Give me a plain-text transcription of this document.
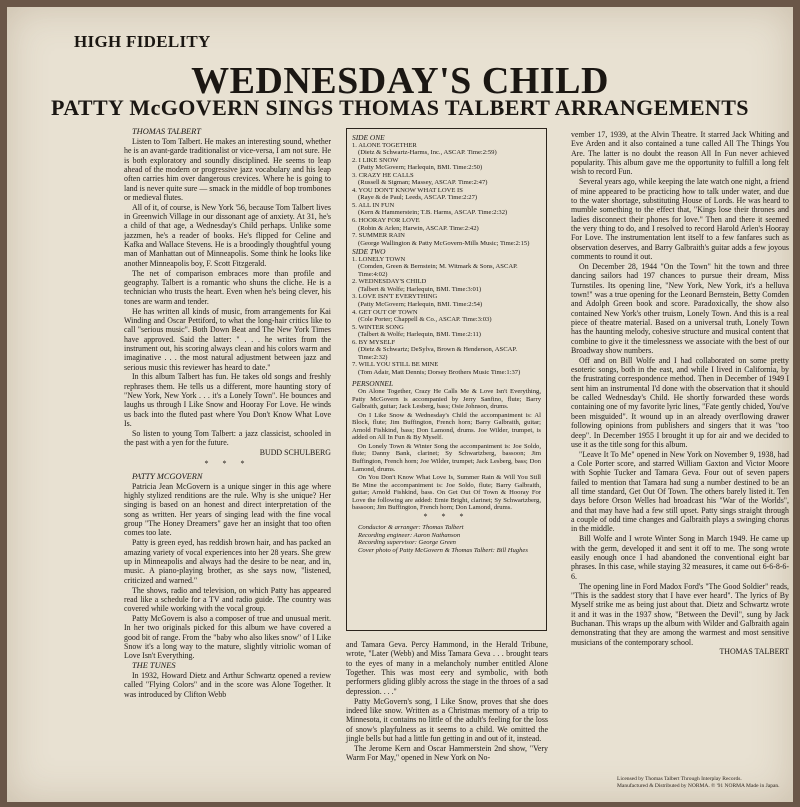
HIGH FIDELITY
WEDNESDAY'S CHILD
PATTY McGOVERN SINGS THOMAS TALBERT ARRANGEMENTS

THOMAS TALBERT

Listen to Tom Talbert. He makes an interesting sound, whether he is an avant-garde traditionalist or vice-versa, I am not sure. He is both exploratory and soundly disciplined. He seems to leap ahead of the modern or progressive jazz vocabulary and his leap often carries him over dangerous crevices. Where he is going to land is never quite sure — smack in the middle of bop trombones or medieval flutes.

All of it, of course, is New York '56, because Tom Talbert lives in Greenwich Village in our dissonant age of anxiety. At 31, he's a child of that age, a Wednesday's Child perhaps. Unlike some jazzmen, he's a reader of books. He's flipped for Celine and Kafka and Wallace Stevens. He is a broodingly thoughtful young man of Manhattan out of Minneapolis. Some think he looks like another Minneapolis boy, F. Scott Fitzgerald.

The net of comparison embraces more than profile and geography. Talbert is a romantic who shuns the cliche. He is a technician who trusts the heart. Even when he's being clever, his tones are warm and tender.

He has written all kinds of music, from arrangements for Kai Winding and Oscar Pettiford, to what the long-hair critics like to call "serious music". Both Down Beat and The New York Times have approved. Said the latter: " . . . he writes from the instrument out, his scoring always clean and his colors warm and imaginative . . . the most natural adjustment between jazz and serious music this reviewer has heard to date."

In this album Talbert has fun. He takes old songs and freshly rephrases them. He tells us a different, more haunting story of "New York, New York . . . it's a Lonely Town". He bounces and laughs us through I Like Snow and Hooray For Love. He winds us back into the fluted past where You Don't Know What Love Is.

So listen to young Tom Talbert: a jazz classicist, schooled in the past with a yen for the future.

BUDD SCHULBERG

* * *

PATTY MCGOVERN

Patricia Jean McGovern is a unique singer in this age where highly stylized renditions are the rule. Why is she unique? Her singing is based on an honest and direct interpretation of the song as written. Her years of singing lead with the fine vocal group "The Honey Dreamers" gave her an insight that too often comes too late.

Patty is green eyed, has reddish brown hair, and has packed an amazing variety of vocal experiences into her 28 years. She grew up in Minneapolis and always had the desire to be near, and in, music. A piano-playing brother, as she says now, "listened, criticized and warned."

The shows, radio and television, on which Patty has appeared read like a schedule for a TV and radio guide. The country was covered while working with the vocal group.

Patty McGovern is also a composer of true and unusual merit. In her two originals picked for this album we have covered a good bit of range. From the "baby who also likes snow" of I Like Snow it's a long way to the mature, slightly vitriolic woman of Love Isn't Everything.

THE TUNES

In 1932, Howard Dietz and Arthur Schwartz opened a review called "Flying Colors" and in the score was Alone Together. It was introduced by Clifton Webb

SIDE ONE
1. ALONE TOGETHER
(Dietz & Schwartz-Harms, Inc., ASCAP. Time:2:59)
2. I LIKE SNOW
(Patty McGovern; Harlequin, BMI. Time:2:50)
3. CRAZY HE CALLS
(Russell & Sigman; Massey, ASCAP. Time:2:47)
4. YOU DON'T KNOW WHAT LOVE IS
(Raye & de Paul; Leeds, ASCAP. Time:2:27)
5. ALL IN FUN
(Kern & Hammerstein; T.B. Harms, ASCAP. Time:2:32)
6. HOORAY FOR LOVE
(Robin & Arlen; Harwin, ASCAP. Time:2:42)
7. SUMMER RAIN
(George Wallington & Patty McGovern-Mills Music; Time:2:15)
SIDE TWO
1. LONELY TOWN
(Comden, Green & Bernstein; M. Witmark & Sons, ASCAP. Time:4:02)
2. WEDNESDAY'S CHILD
(Talbert & Wolfe; Harlequin, BMI. Time:3:01)
3. LOVE ISN'T EVERYTHING
(Patty McGovern; Harlequin, BMI. Time:2:54)
4. GET OUT OF TOWN
(Cole Porter; Chappell & Co., ASCAP. Time:3:03)
5. WINTER SONG
(Talbert & Wolfe; Harlequin, BMI. Time:2:11)
6. BY MYSELF
(Dietz & Schwartz; DeSylva, Brown & Henderson, ASCAP. Time:2:32)
7. WILL YOU STILL BE MINE
(Tom Adair, Matt Dennis; Dorsey Brothers Music Time:1:37)
PERSONNEL

On Alone Together, Crazy He Calls Me & Love Isn't Everything, Patty McGovern is accompanied by Jerry Sanfino, flute; Barry Galbraith, guitar; Jack Lesberg, bass; Osie Johnson, drums.

On I Like Snow & Wednesday's Child the accompaniment is: Al Block, flute; Jim Buffington, French horn; Barry Galbraith, guitar; Arnold Fishkind, bass; Don Lamond, drums. Joe Wilder, trumpet, is added on All In Fun & By Myself.

On Lonely Town & Winter Song the accompaniment is: Joe Soldo, flute; Danny Bank, clarinet; Sy Schwartzberg, bassoon; Jim Buffington, French horn; Joe Wilder, trumpet; Jack Lesberg, bass; Don Lamond, drums.

On You Don't Know What Love Is, Summer Rain & Will You Still Be Mine the accompaniment is: Joe Soldo, flute; Barry Galbraith, guitar; Arnold Fishkind, bass. On Get Out Of Town & Hooray For Love the following are added: Ernie Bright, clarinet; Sy Schwartzberg, bassoon; Jim Buffington, French horn; Don Lamond, drums.

* * *
Conductor & arranger: Thomas Talbert
Recording engineer: Aaron Nathanson
Recording supervisor: George Green
Cover photo of Patty McGovern & Thomas Talbert: Bill Hughes

and Tamara Geva. Percy Hammond, in the Herald Tribune, wrote, "Later (Webb) and Miss Tamara Geva . . . brought tears to the eyes of many in a melancholy number entitled Alone Together. This was most eery and symbolic, with both performers gliding glibly across the stage in the throes of a sad depression. . . ."

Patty McGovern's song, I Like Snow, proves that she does indeed like snow. Written as a Christmas memory of a trip to Minnesota, it contains no little of the adult's feeling for the loss of snow's playfulness as it seems to a child. We omitted the jingle bells but had a little fun getting in and out of it, instead.

The Jerome Kern and Oscar Hammerstein 2nd show, "Very Warm For May," opened in New York on No-

vember 17, 1939, at the Alvin Theatre. It starred Jack Whiting and Eve Arden and it also contained a tune called All The Things You Are. The latter is no doubt the reason All In Fun never achieved popularity. This album gave me the opportunity to fulfill a long felt wish to record Fun.

Several years ago, while keeping the late watch one night, a friend of mine appeared to be practicing how to talk under water, and due to the water shortage, substituting House of Lords. He was heard to mumble something to the effect that, "Kings lose their thrones and ladies disconnect their phones for love." Then and there it seemed the very thing to do, and I resolved to record Harold Arlen's Hooray For Love. The instrumentation lent itself to a few fanfares such as observation deserves, and Barry Galbraith's guitar adds a few joyous comments to round it out.

On December 28, 1944 "On the Town" hit the town and three dancing sailors had 197 chances to pursue their dream, Miss Turnstiles. Its opening line, "New York, New York, it's a helluva town!" was a true opening for the Leonard Bernstein, Betty Comden and Adolph Green book and score. Paradoxically, the show also contained New York's other truism, Lonely Town. And this is a real piece of theatre material. Based on a universal truth, Lonely Town has the haunting melody, cohesive structure and musical content that combine to give it the timelessness we associate with the best of our Broadway show numbers.

Off and on Bill Wolfe and I had collaborated on some pretty esoteric songs, both in the east, and while I lived in California, by the frustrating correspondence method. Then in December of 1949 I sent him an instrumental I'd done with the observation that it should be called Wednesday's Child. He shortly forwarded these words containing one of my favorite lyric lines, "Fate gently chided, You've been misguided". It wound up in an already overflowing drawer following opinions from publishers and singers that it was "too deep". In December 1955 I brought it up for air and we decided to use it as the title song for this album.

"Leave It To Me" opened in New York on November 9, 1938, had a Cole Porter score, and starred William Gaxton and Victor Moore with Sophie Tucker and Tamara Geva. Four out of seven papers failed to mention that Tamara had sung a number destined to be an all time standard, Get Out Of Town. The others barely listed it. Ten days before Orson Welles had broadcast his "War of the Worlds", and that may have had a few still upset. Patty sings straight through a couple of odd time changes and Galbraith plays a swinging chorus in the middle.

Bill Wolfe and I wrote Winter Song in March 1949. He came up with the germ, developed it and sent it off to me. The song wrote easily enough once I had abandoned the conventional eight bar phrases. In this case, while staying 32 measures, it came out 6-6-8-6-6.

The opening line in Ford Madox Ford's "The Good Soldier" reads, "This is the saddest story that I have ever heard". The lyrics of By Myself strike me as being just about that. Dietz and Schwartz wrote it and it was in the 1937 show, "Between the Devil", sung by Jack Buchanan. This wraps up the album with Wilder and Galbraith again demonstrating that they are among the warmest and most sensitive musicians of the contemporary school.

THOMAS TALBERT

Licensed by Thomas Talbert Through Interplay Records.
Manufactured & Distributed by NORMA. ℗ '91 NORMA Made in Japan.
